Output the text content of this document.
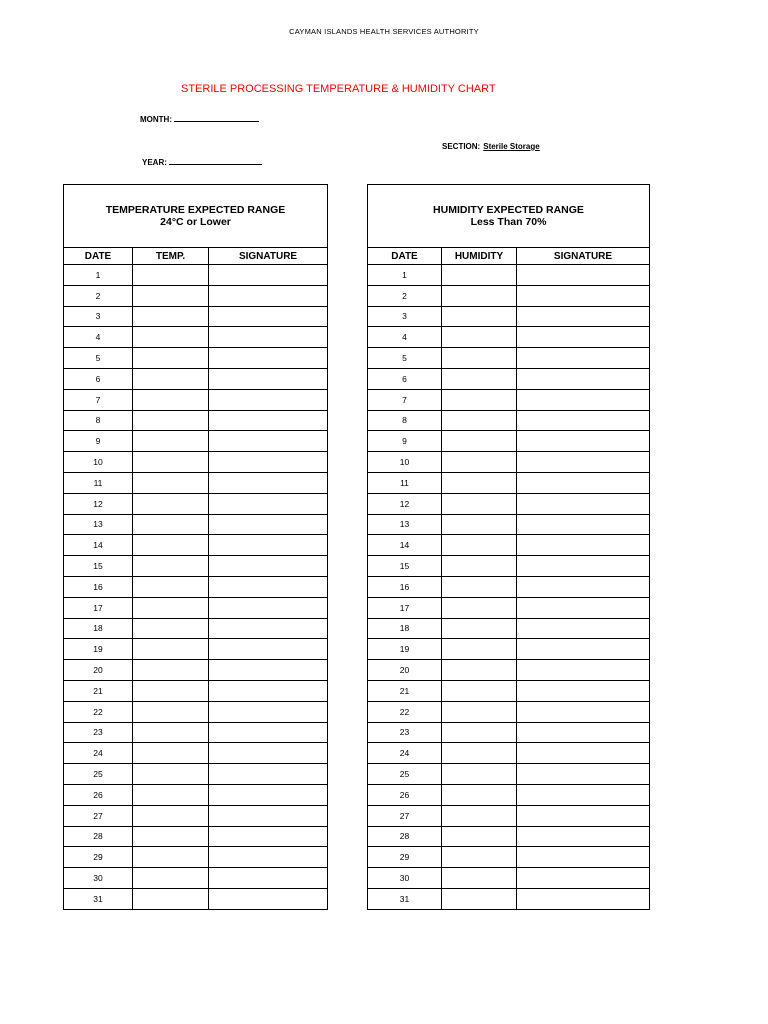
CAYMAN ISLANDS HEALTH SERVICES AUTHORITY
STERILE PROCESSING TEMPERATURE & HUMIDITY CHART
MONTH:
SECTION: Sterile Storage
YEAR:
TEMPERATURE EXPECTED RANGE
24°C or Lower		

DATE	TEMP.	SIGNATURE
1		
2		
3		
4		
5		
6		
7		
8		
9		
10		
11		
12		
13		
14		
15		
16		
17		
18		
19		
20		
21		
22		
23		
24		
25		
26		
27		
28		
29		
30		
31		
HUMIDITY EXPECTED RANGE
Less Than 70%		

DATE	HUMIDITY	SIGNATURE
1		
2		
3		
4		
5		
6		
7		
8		
9		
10		
11		
12		
13		
14		
15		
16		
17		
18		
19		
20		
21		
22		
23		
24		
25		
26		
27		
28		
29		
30		
31		
